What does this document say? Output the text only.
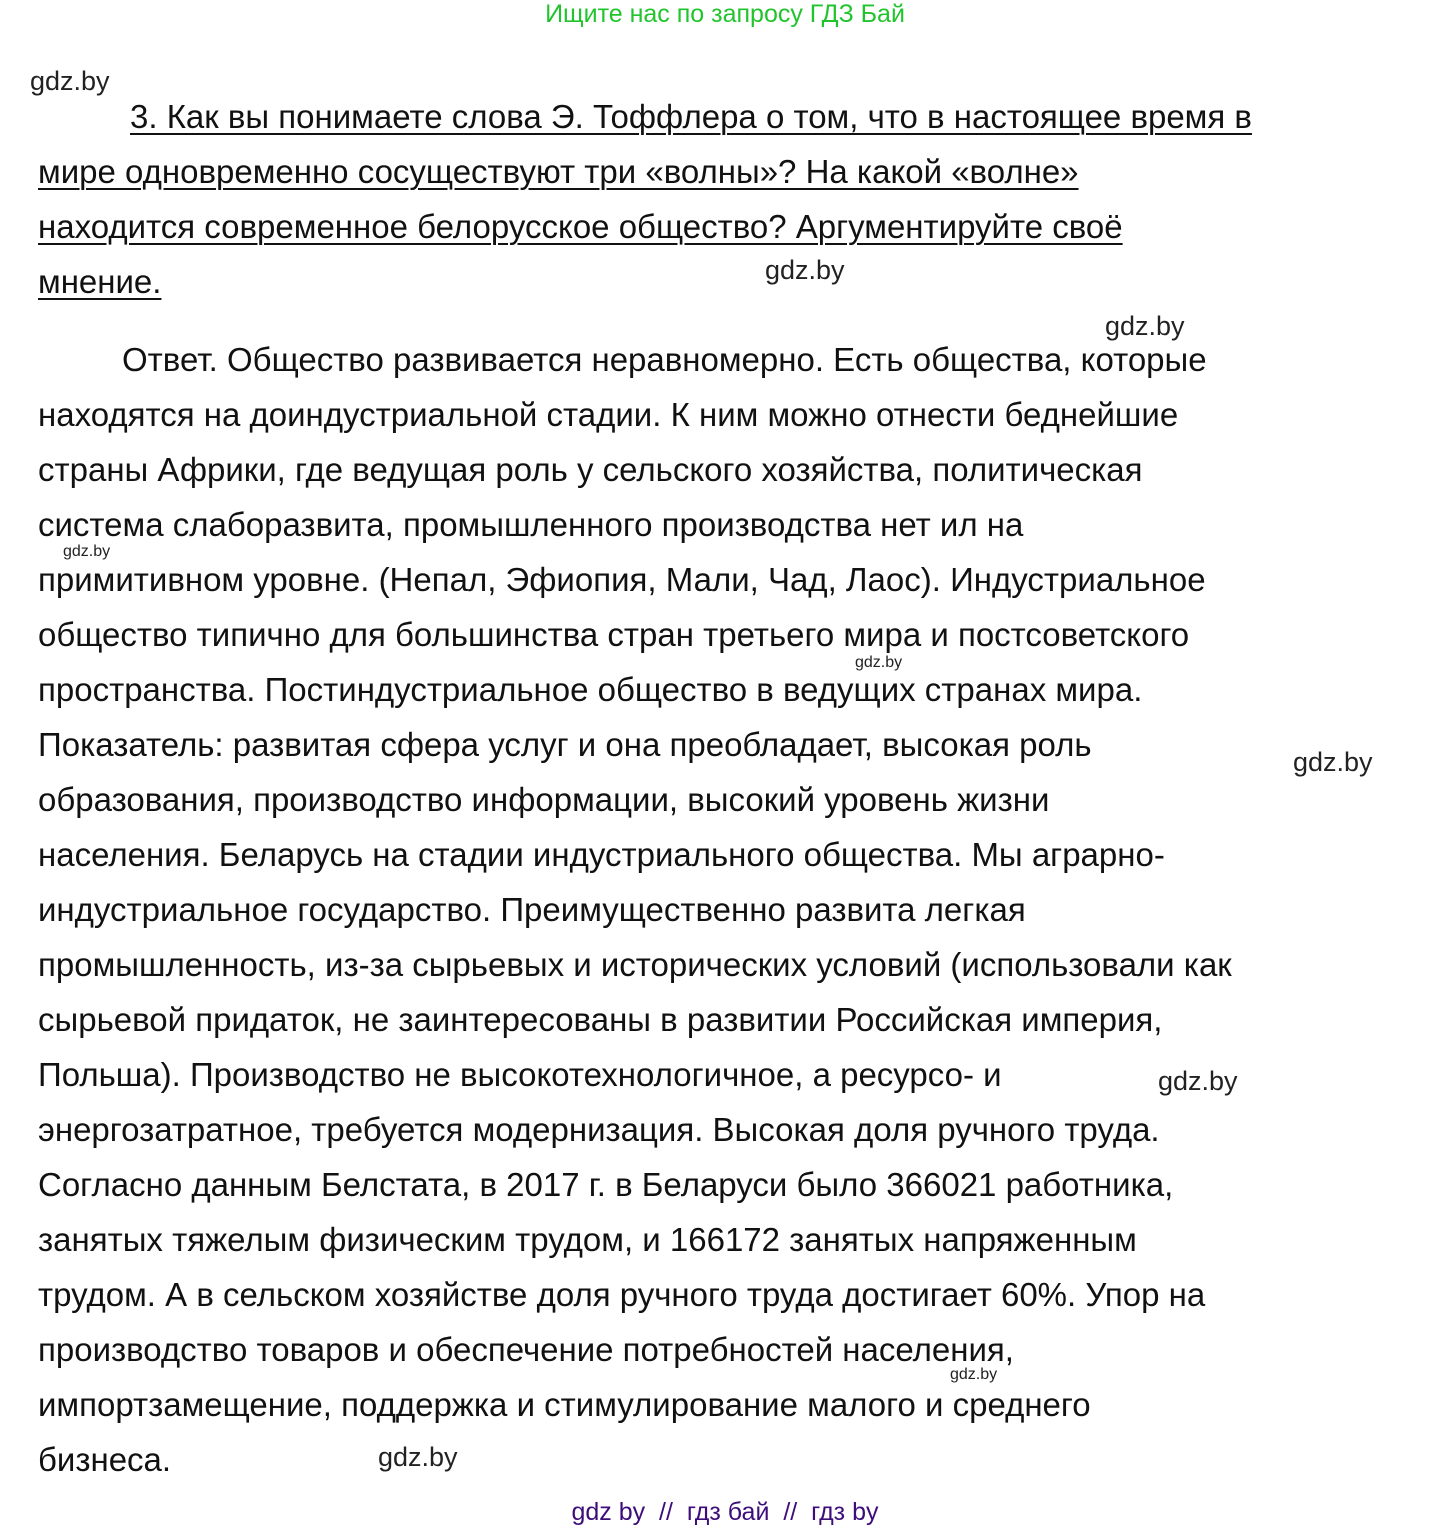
Ищите нас по запросу ГДЗ Бай
3. Как вы понимаете слова Э. Тоффлера о том, что в настоящее время в
мире одновременно сосуществуют три «волны»? На какой «волне»
находится современное белорусское общество? Аргументируйте своё
мнение.
Ответ. Общество развивается неравномерно. Есть общества, которые
находятся на доиндустриальной стадии. К ним можно отнести беднейшие
страны Африки, где ведущая роль у сельского хозяйства, политическая
система слаборазвита, промышленного производства нет ил на
примитивном уровне. (Непал, Эфиопия, Мали, Чад, Лаос). Индустриальное
общество типично для большинства стран третьего мира и постсоветского
пространства. Постиндустриальное общество в ведущих странах мира.
Показатель: развитая сфера услуг и она преобладает, высокая роль
образования, производство информации, высокий уровень жизни
населения. Беларусь на стадии индустриального общества. Мы аграрно-
индустриальное государство. Преимущественно развита легкая
промышленность, из-за сырьевых и исторических условий (использовали как
сырьевой придаток, не заинтересованы в развитии Российская империя,
Польша). Производство не высокотехнологичное, а ресурсо- и
энергозатратное, требуется модернизация. Высокая доля ручного труда.
Согласно данным Белстата, в 2017 г. в Беларуси было 366021 работника,
занятых тяжелым физическим трудом, и 166172 занятых напряженным
трудом. А в сельском хозяйстве доля ручного труда достигает 60%. Упор на
производство товаров и обеспечение потребностей населения,
импортзамещение, поддержка и стимулирование малого и среднего
бизнеса.
gdz.by
gdz.by
gdz.by
gdz.by
gdz.by
gdz.by
gdz.by
gdz.by
gdz.by
gdz by  //  гдз бай  //  гдз by
